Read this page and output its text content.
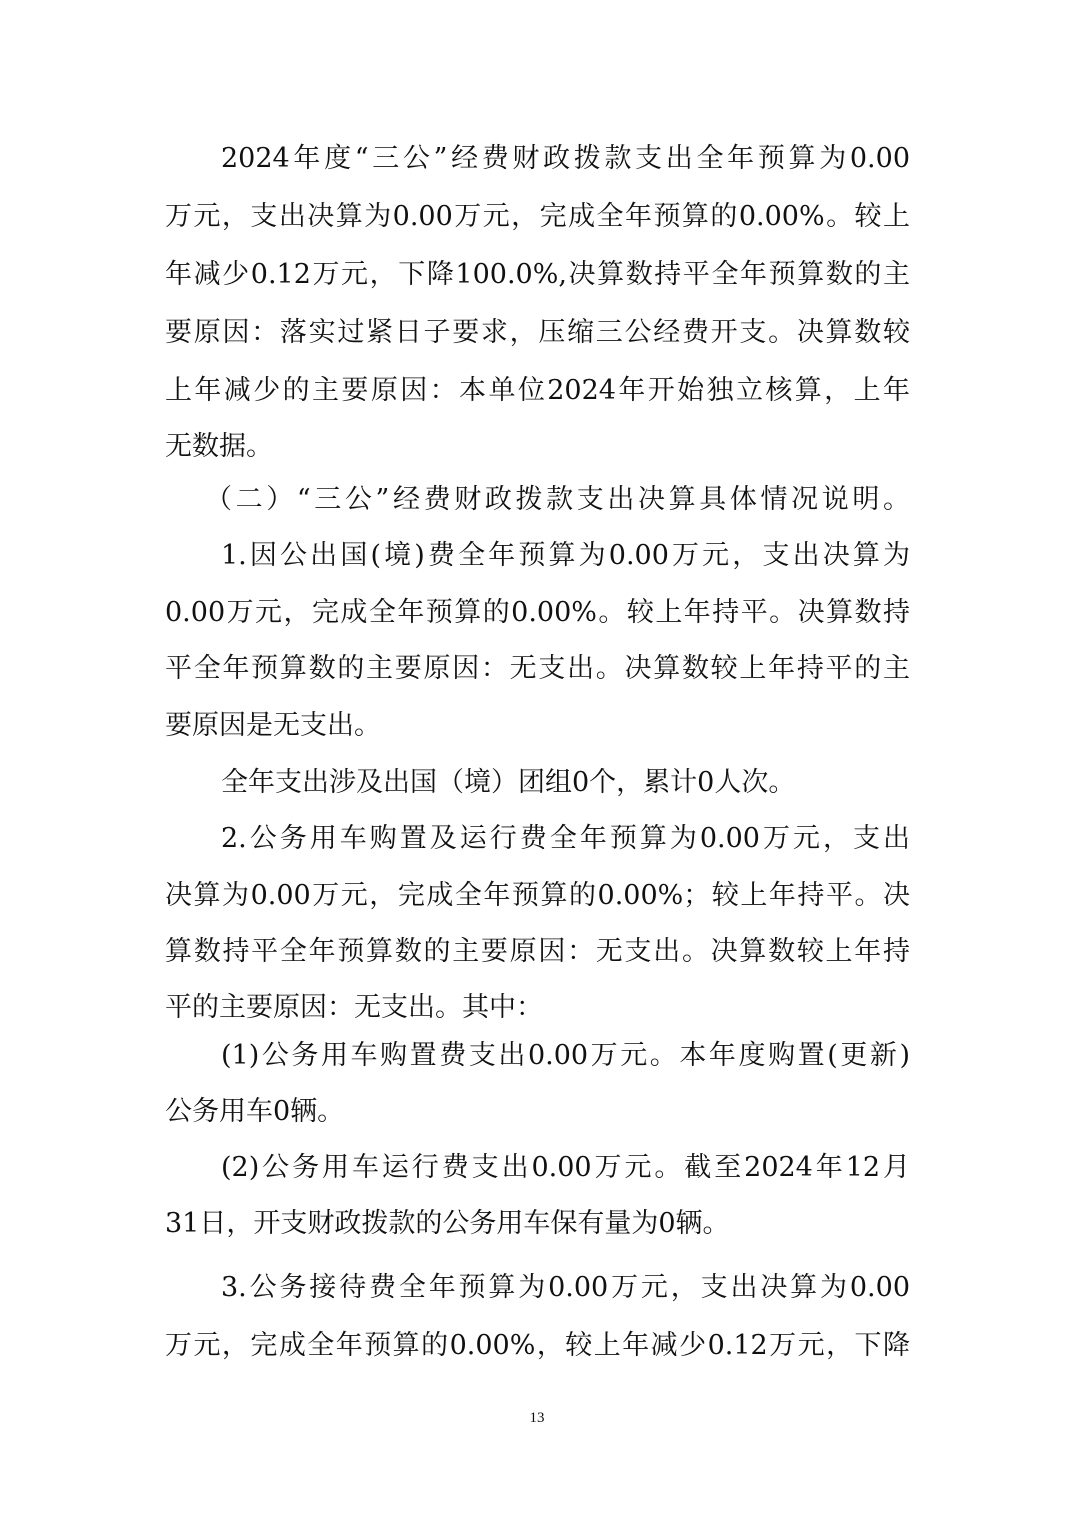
2024年度“三公”经费财政拨款支出全年预算为0.00
万元，支出决算为0.00万元，完成全年预算的0.00%。较上
年减少0.12万元，下降100.0%,决算数持平全年预算数的主
要原因：落实过紧日子要求，压缩三公经费开支。决算数较
上年减少的主要原因：本单位2024年开始独立核算，上年
无数据。
（二）“三公”经费财政拨款支出决算具体情况说明。
1.因公出国(境)费全年预算为0.00万元，支出决算为
0.00万元，完成全年预算的0.00%。较上年持平。决算数持
平全年预算数的主要原因：无支出。决算数较上年持平的主
要原因是无支出。
全年支出涉及出国（境）团组0个，累计0人次。
2.公务用车购置及运行费全年预算为0.00万元，支出
决算为0.00万元，完成全年预算的0.00%；较上年持平。决
算数持平全年预算数的主要原因：无支出。决算数较上年持
平的主要原因：无支出。其中：
(1)公务用车购置费支出0.00万元。本年度购置(更新)
公务用车0辆。
(2)公务用车运行费支出0.00万元。截至2024年12月
31日，开支财政拨款的公务用车保有量为0辆。
3.公务接待费全年预算为0.00万元，支出决算为0.00
万元，完成全年预算的0.00%，较上年减少0.12万元，下降
13
